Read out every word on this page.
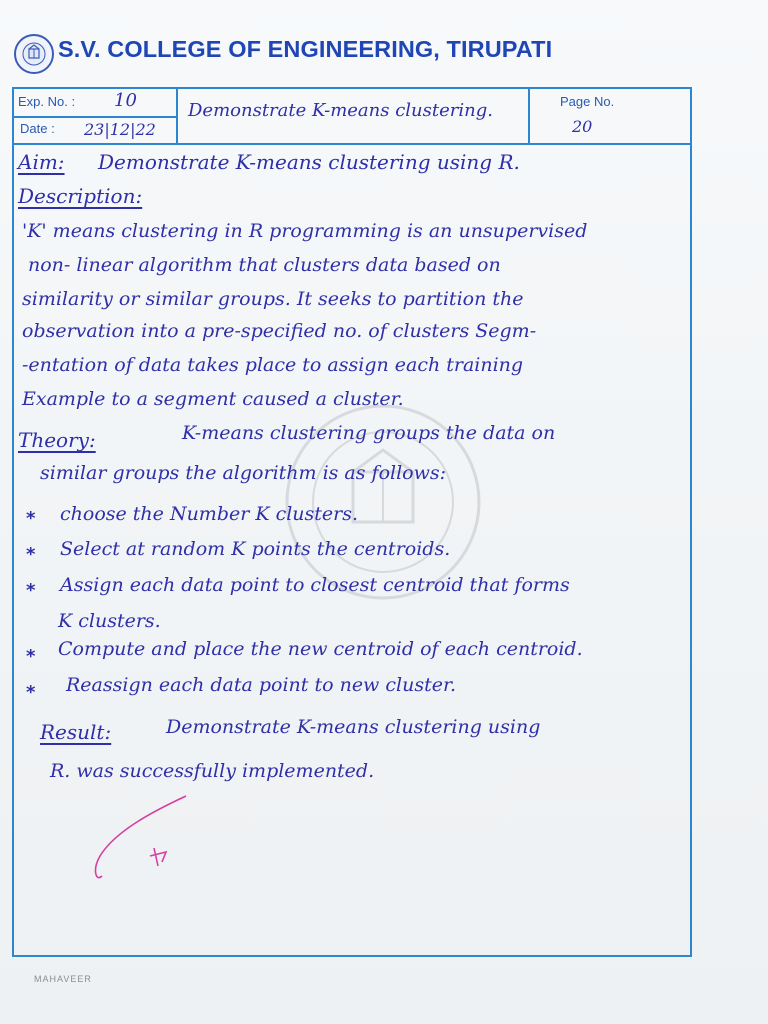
S.V. COLLEGE OF ENGINEERING, TIRUPATI
Exp. No. : 10
Date : 23|12|22
Demonstrate K-means clustering.	Page No.
20
Aim: Demonstrate K-means clustering using R.
Description:
'K' means clustering in R programming is an unsupervised
non- linear algorithm that clusters data based on
similarity or similar groups. It seeks to partition the
observation into a pre-specified no. of clusters Segm-
-entation of data takes place to assign each training
Example to a segment caused a cluster.
Theory:	K-means clustering groups the data on
similar groups the algorithm is as follows:
* choose the Number K clusters.
* Select at random K points the centroids.
* Assign each data point to closest centroid that forms
K clusters.
* Compute and place the new centroid of each centroid.
* Reassign each data point to new cluster.
Result:	Demonstrate K-means clustering using
R. was successfully implemented.
MAHAVEER
